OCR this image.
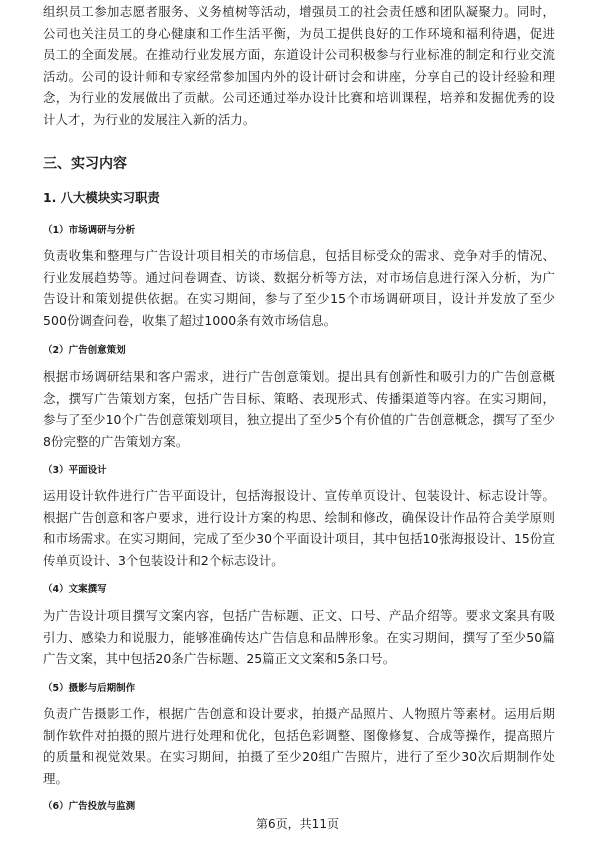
组织员工参加志愿者服务、义务植树等活动，增强员工的社会责任感和团队凝聚力。同时，公司也关注员工的身心健康和工作生活平衡，为员工提供良好的工作环境和福利待遇，促进员工的全面发展。在推动行业发展方面，东道设计公司积极参与行业标准的制定和行业交流活动。公司的设计师和专家经常参加国内外的设计研讨会和讲座，分享自己的设计经验和理念，为行业的发展做出了贡献。公司还通过举办设计比赛和培训课程，培养和发掘优秀的设计人才，为行业的发展注入新的活力。

三、实习内容

1. 八大模块实习职责

（1）市场调研与分析

负责收集和整理与广告设计项目相关的市场信息，包括目标受众的需求、竞争对手的情况、行业发展趋势等。通过问卷调查、访谈、数据分析等方法，对市场信息进行深入分析，为广告设计和策划提供依据。在实习期间，参与了至少15个市场调研项目，设计并发放了至少500份调查问卷，收集了超过1000条有效市场信息。

（2）广告创意策划

根据市场调研结果和客户需求，进行广告创意策划。提出具有创新性和吸引力的广告创意概念，撰写广告策划方案，包括广告目标、策略、表现形式、传播渠道等内容。在实习期间，参与了至少10个广告创意策划项目，独立提出了至少5个有价值的广告创意概念，撰写了至少8份完整的广告策划方案。

（3）平面设计

运用设计软件进行广告平面设计，包括海报设计、宣传单页设计、包装设计、标志设计等。根据广告创意和客户要求，进行设计方案的构思、绘制和修改，确保设计作品符合美学原则和市场需求。在实习期间，完成了至少30个平面设计项目，其中包括10张海报设计、15份宣传单页设计、3个包装设计和2个标志设计。

（4）文案撰写

为广告设计项目撰写文案内容，包括广告标题、正文、口号、产品介绍等。要求文案具有吸引力、感染力和说服力，能够准确传达广告信息和品牌形象。在实习期间，撰写了至少50篇广告文案，其中包括20条广告标题、25篇正文文案和5条口号。

（5）摄影与后期制作

负责广告摄影工作，根据广告创意和设计要求，拍摄产品照片、人物照片等素材。运用后期制作软件对拍摄的照片进行处理和优化，包括色彩调整、图像修复、合成等操作，提高照片的质量和视觉效果。在实习期间，拍摄了至少20组广告照片，进行了至少30次后期制作处理。

（6）广告投放与监测

第6页，共11页
